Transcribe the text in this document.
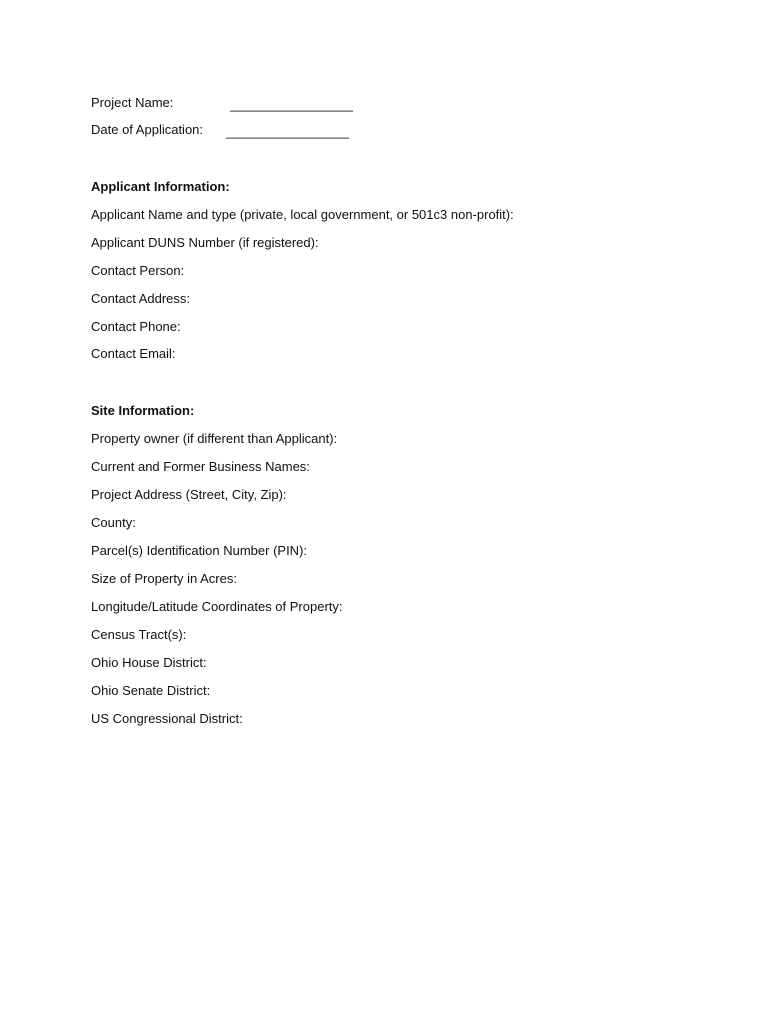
Project Name:	_________________
Date of Application: _________________
Applicant Information:
Applicant Name and type (private, local government, or 501c3 non-profit):
Applicant DUNS Number (if registered):
Contact Person:
Contact Address:
Contact Phone:
Contact Email:
Site Information:
Property owner (if different than Applicant):
Current and Former Business Names:
Project Address (Street, City, Zip):
County:
Parcel(s) Identification Number (PIN):
Size of Property in Acres:
Longitude/Latitude Coordinates of Property:
Census Tract(s):
Ohio House District:
Ohio Senate District:
US Congressional District:
